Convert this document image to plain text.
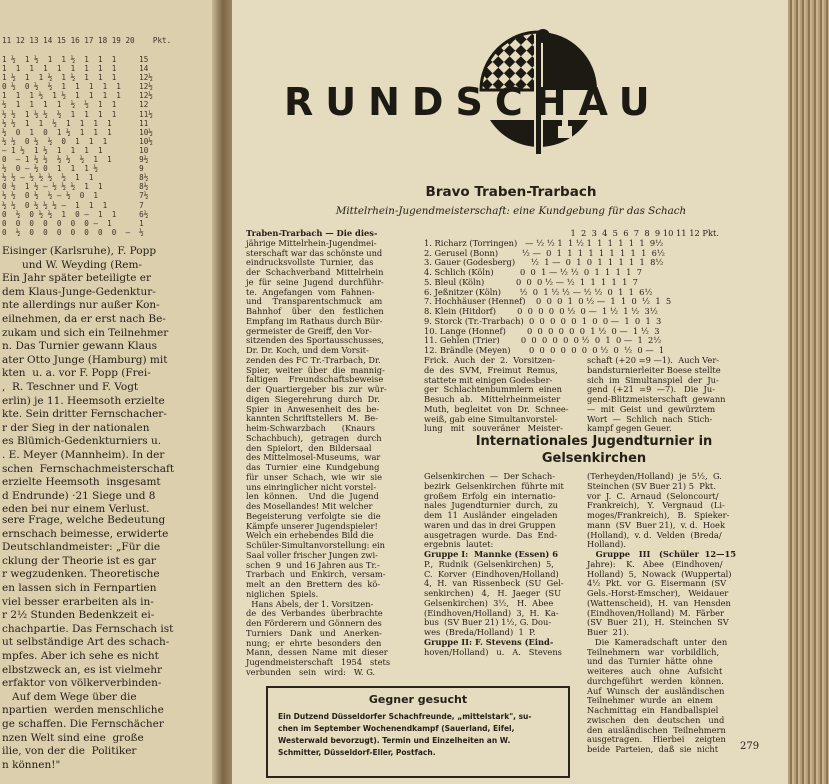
11 12 13 14 15 16 17 18 19 20    Pkt.
1 ½  1 ½  1  1 ½  1  1  1     15
1  1  1  1  1  1  1  1  1     14
1 ½  1  1 ½  1 ½  1  1  1     12½
0 ½  0 ½  ½  1  1  1  1  1    12½
1  1  1 ½  1 ½  1  1  1  1    12½
½  1  1  1  1  ½  ½  1  1     12
½ ½  1 ½ ½  ½  1  1  1  1     11½
½ ½  1  1  ½  1  1  1  1      11
½  0  1  0  1 ½  1  1  1      10½
½ ½  0 ½  ½  0  1  1  1       10½
— 1 ½  1 ½  1  1  1  1        10
0  — 1 ½ ½  ½ ½  ½  1  1      9½
½  0 — ½ 0  1  1  1 ½         9
½ ½ — ½ ½ ½  ½  1  1          8½
0 ½  1 ½ — ½ ½ ½  1  1        8½
½ ½  0 ½  ½ — ½  0  1         7½
½ ½  0 ½ ½ ½ —  1  1  1       7
0  ½  0 ½ ½  1  0 —  1  1     6½
0  0  0  0  0  0  0 —  1      1
0  ½  0  0  0  0  0  0  0  —  ½
Eisinger (Karlsruhe), F. Popp
und W. Weyding (Rem-
Ein Jahr später beteiligte er
dem Klaus-Junge-Gedenktur-
nte allerdings nur außer Kon-
eilnehmen, da er erst nach Be-
zukam und sich ein Teilnehmer
n. Das Turnier gewann Klaus
ater Otto Junge (Hamburg) mit
kten  u. a. vor F. Popp (Frei-
,  R. Teschner und F. Vogt
erlin) je 11. Heemsoth erzielte
kte. Sein dritter Fernschacher-
r der Sieg in der nationalen
es Blümich-Gedenkturniers u.
. E. Meyer (Mannheim). In der
schen  Fernschachmeisterschaft
erzielte Heemsoth  insgesamt
d Endrunde) ·21 Siege und 8
eden bei nur einem Verlust.
sere Frage, welche Bedeutung
ernschach beimesse, erwiderte
Deutschlandmeister: „Für die
cklung der Theorie ist es gar
r wegzudenken. Theoretische
en lassen sich in Fernpartien
viel besser erarbeiten als in-
r 2½ Stunden Bedenkzeit ei-
chachpartie. Das Fernschach ist
ut selbständige Art des schach-
mpfes. Aber ich sehe es nicht
elbstzweck an, es ist vielmehr
erfaktor von völkerverbinden-
Auf dem Wege über die
npartien  werden menschliche
ge schaffen. Die Fernschächer
nzen Welt sind eine  große
ilie, von der die  Politiker
n können!"
RUNDSCHAU
Bravo Traben-Trarbach
Mittelrhein-Jugendmeisterschaft: eine Kundgebung für das Schach
Traben-Trarbach — Die dies-
jährige Mittelrhein-Jugendmei-
sterschaft war das schönste und
eindrucksvollste  Turnier,  das
der  Schachverband  Mittelrhein
je  für  seine  Jugend  durchführ-
te.  Angefangen  vom  Fahnen-
und    Transparentschmuck   am
Bahnhof    über   den   festlichen
Empfang im Rathaus durch Bür-
germeister de Greiff, den Vor-
sitzenden des Sportausschusses,
Dr. Dr. Koch, und dem Vorsit-
zenden des FC Tr.-Trarbach, Dr.
Spier,  weiter  über  die  mannig-
faltigen    Freundschaftsbeweise
der  Quartiergeber  bis  zur  wür-
digen  Siegerehrung  durch  Dr.
Spier  in  Anwesenheit  des  be-
kannten Schriftstellers  M.  Be-
heim-Schwarzbach      (Knaurs
Schachbuch),   getragen   durch
den  Spielort,  den  Bildersaal
des Mittelmosel-Museums,  war
das  Turnier  eine  Kundgebung
für  unser  Schach,  wie  wir  sie
uns einringlicher nicht vorstel-
len  können.    Und  die  Jugend
des Mosellandes! Mit welcher
Begeisterung  verfolgte  sie  die
Kämpfe unserer Jugendspieler!
Welch ein erhebendes Bild die
Schüler-Simultanvorstellung: ein
Saal voller frischer Jungen zwi-
schen  9  und 16 Jahren aus Tr.-
Trarbach  und  Enkirch,  versam-
melt  an  den  Brettern  des  kö-
niglichen  Spiels.
Hans Abels, der 1. Vorsitzen-
de  des  Verbandes  überbrachte
den Förderern und Gönnern des
Turniers   Dank   und   Anerken-
nung;  er  ehrte  besonders  den
Mann,  dessen  Name  mit  dieser
Jugendmeisterschaft   1954   stets
verbunden   sein   wird:   W. G.
1  2  3  4  5  6  7  8  9 10 11 12 Pkt.
1. Richarz (Torringen)   — ½ ½ 1  1 ½ 1  1  1  1  1  1  9½
2. Gerusel (Bonn)         ½ —  0  1  1  1  1  1  1  1  1  1  6½
3. Gauer (Godesberg)      ½  1 —  0  1  0  1  1  1  1  1  8½
4. Schlich (Köln)          0  0  1 — ½ ½  0  1  1  1  1  7
5. Bleul (Köln)            0  0  0 ½ — ½  1  1  1  1  1  7
6. Jeßnitzer (Köln)       ½  0  1 ½ ½ — ½ ½  0  1  1  6½
7. Hochhäuser (Hennef)    0  0  0  1  0 ½ —  1  1  0  ½  1  5
8. Klein (Hitdorf)        0  0  0  0  0 ½  0 —  1 ½  1 ½  3½
9. Storck (Tr.-Trarbach)  0  0  0  0  0  1  0  0 —  1  0  1  3
10. Lange (Honnef)        0  0  0  0  0  0  1 ½  0 —  1 ½  3
11. Gehlen (Trier)        0  0  0  0  0  0 ½  0  1  0 —  1  2½
12. Brändle (Meyen)       0  0  0  0  0  0  0 ½  0  ½  0 —  1
Frick.  Auch  der  2.  Vorsitzen-
de  des  SVM,  Freimut  Remus,
stattete mit einigen Godesber-
ger  Schlachtenbummlern  einen
Besuch  ab.   Mittelrheinmeister
Muth,  begleitet  von  Dr.  Schnee-
weiß, gab eine Simultanvorstel-
lung   mit   souveräner   Meister-
schaft (+20 =9 —1).  Auch Ver-
bandsturnierleiter Boese stellte
sich  im  Simultanspiel  der  Ju-
gend  (+21  =9  —7).   Die  Ju-
gend-Blitzmeisterschaft  gewann
—  mit  Geist  und  gewürztem
Wort  —  Schlich  nach  Stich-
kampf gegen Geuer.
Internationales Jugendturnier in
Gelsenkirchen
Gelsenkirchen  —  Der Schach-
bezirk  Gelsenkirchen  führte mit
großem  Erfolg  ein  internatio-
nales  Jugendturnier  durch,  zu
dem  11  Ausländer  eingeladen
waren und das in drei Gruppen
ausgetragen  wurde.  Das  End-
ergebnis  lautet:
Gruppe I:  Mannke (Essen) 6
P.,  Rudnik  (Gelsenkirchen)  5,
C.  Korver  (Eindhoven/Holland)
4,  H.  van  Rissenbeck  (SU  Gel-
senkirchen)   4,   H.  Jaeger  (SU
Gelsenkirchen)  3½,   H.  Abee
(Eindhoven/Holland)  3,  H.  Ka-
bus  (SV Buer 21) 1½, G. Dou-
wes  (Breda/Holland)  1  P.
Gruppe II: F. Stevens (Eind-
hoven/Holland)   u.   A.   Stevens
(Terheyden/Holland)  je  5½,  G.
Steinchen (SV Buer 21) 5  Pkt.
vor  J.  C.  Arnaud  (Seloncourt/
Frankreich),   Y.   Vergnaud   (Li-
moges/Frankreich),   B.   Spieker-
mann  (SV  Buer 21),  v. d.  Hoek
(Holland),  v. d.  Velden  (Breda/
Holland).
Gruppe   III   (Schüler  12—15
Jahre):    K.   Abee   (Eindhoven/
Holland)  5,  Nowack  (Wuppertal)
4½  Pkt.  vor  G.  Eisermann  (SV
Gels.-Horst-Emscher),   Weidauer
(Wattenscheid),  H.  van  Hensden
(Eindhoven/Holland)  M.  Färber
(SV  Buer  21),  H.  Steinchen  SV
Buer  21).
Die  Kameradschaft  unter  den
Teilnehmern   war   vorbildlich,
und  das  Turnier  hätte  ohne
weiteres   auch   ohne   Aufsicht
durchgeführt   werden   können.
Auf  Wunsch  der  ausländischen
Teilnehmer  wurde  an  einem
Nachmittag  ein  Handballspiel
zwischen   den   deutschen   und
den  ausländischen  Teilnehmern
ausgetragen.    Hierbei    zeigten
beide  Parteien,  daß  sie  nicht
Gegner gesucht
Ein Dutzend Düsseldorfer Schachfreunde, „mittelstark", su-
chen im September Wochenendkampf (Sauerland, Eifel,
Westerwald bevorzugt). Termin und Einzelheiten an W.
Schmitter, Düsseldorf-Eller, Postfach.
279
